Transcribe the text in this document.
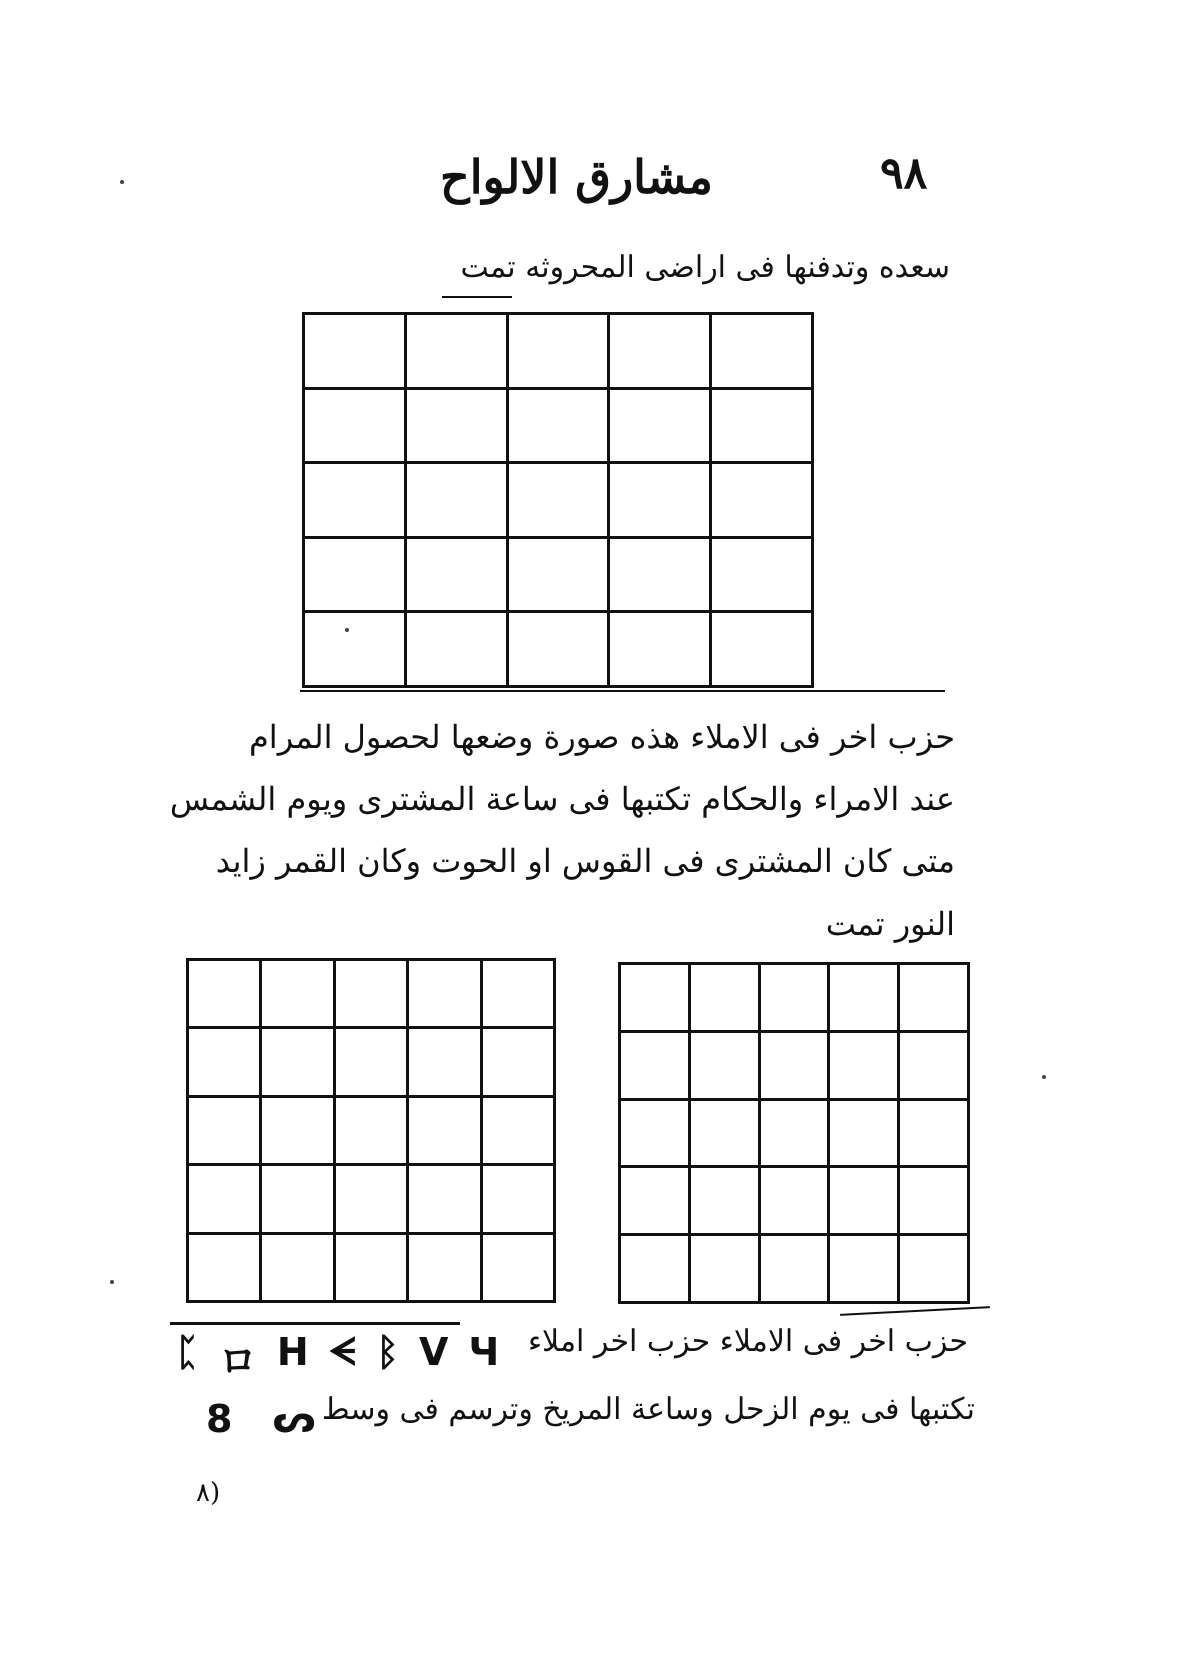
٩٨
مشارق الالواح
سعده وتدفنها فى اراضى المحروثه تمت

حزب اخر فى الاملاء هذه صورة وضعها لحصول المرام
عند الامراء والحكام تكتبها فى ساعة المشترى ويوم الشمس
متى كان المشترى فى القوس او الحوت وكان القمر زايد
النور تمت

ᛈ ロ H ᗕ ᛒ V Ч حزب اخر فى الاملاء حزب اخر املاء
8 ᔕ تكتبها فى يوم الزحل وساعة المريخ وترسم فى وسط
(٨
